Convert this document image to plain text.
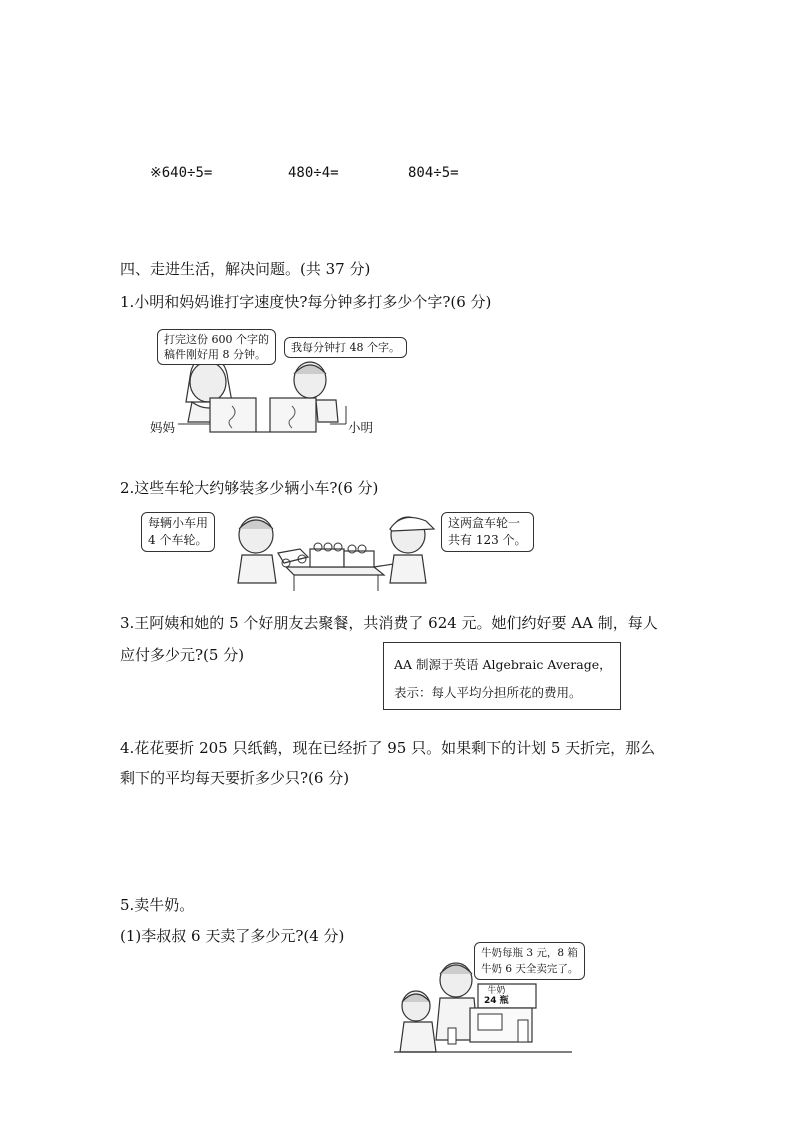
※640÷5=	480÷4=	804÷5=
四、走进生活，解决问题。(共 37 分)
1.小明和妈妈谁打字速度快?每分钟多打多少个字?(6 分)
打完这份 600 个字的
稿件刚好用 8 分钟。
我每分钟打 48 个字。
妈妈	小明
2.这些车轮大约够装多少辆小车?(6 分)
每辆小车用
4 个车轮。
这两盒车轮一
共有 123 个。
3.王阿姨和她的 5 个好朋友去聚餐，共消费了 624 元。她们约好要 AA 制，每人
应付多少元?(5 分)
AA 制源于英语 Algebraic Average，
表示：每人平均分担所花的费用。
4.花花要折 205 只纸鹤，现在已经折了 95 只。如果剩下的计划 5 天折完，那么
剩下的平均每天要折多少只?(6 分)
5.卖牛奶。
(1)李叔叔 6 天卖了多少元?(4 分)
牛奶每瓶 3 元，8 箱
牛奶 6 天全卖完了。
牛奶
24 瓶
